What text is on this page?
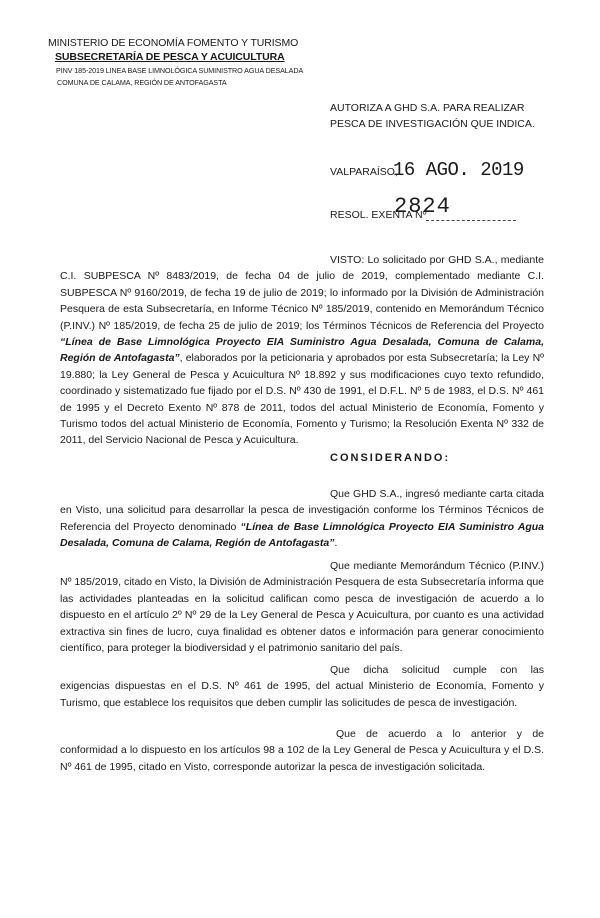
MINISTERIO DE ECONOMÍA FOMENTO Y TURISMO
SUBSECRETARÍA DE PESCA Y ACUICULTURA
PINV 185-2019 LINEA BASE LIMNOLÓGICA SUMINISTRO AGUA DESALADA
COMUNA DE CALAMA, REGIÓN DE ANTOFAGASTA
AUTORIZA A GHD S.A. PARA REALIZAR PESCA DE INVESTIGACIÓN QUE INDICA.
VALPARAÍSO,
16 AGO. 2019
RESOL. EXENTA Nº
2824
VISTO: Lo solicitado por GHD S.A., mediante C.I. SUBPESCA Nº 8483/2019, de fecha 04 de julio de 2019, complementado mediante C.I. SUBPESCA Nº 9160/2019, de fecha 19 de julio de 2019; lo informado por la División de Administración Pesquera de esta Subsecretaría, en Informe Técnico Nº 185/2019, contenido en Memorándum Técnico (P.INV.) Nº 185/2019, de fecha 25 de julio de 2019; los Términos Técnicos de Referencia del Proyecto “Línea de Base Limnológica Proyecto EIA Suministro Agua Desalada, Comuna de Calama, Región de Antofagasta”, elaborados por la peticionaria y aprobados por esta Subsecretaría; la Ley Nº 19.880; la Ley General de Pesca y Acuicultura Nº 18.892 y sus modificaciones cuyo texto refundido, coordinado y sistematizado fue fijado por el D.S. Nº 430 de 1991, el D.F.L. Nº 5 de 1983, el D.S. Nº 461 de 1995 y el Decreto Exento Nº 878 de 2011, todos del actual Ministerio de Economía, Fomento y Turismo todos del actual Ministerio de Economía, Fomento y Turismo; la Resolución Exenta Nº 332 de 2011, del Servicio Nacional de Pesca y Acuicultura.
CONSIDERANDO:
Que GHD S.A., ingresó mediante carta citada en Visto, una solicitud para desarrollar la pesca de investigación conforme los Términos Técnicos de Referencia del Proyecto denominado “Línea de Base Limnológica Proyecto EIA Suministro Agua Desalada, Comuna de Calama, Región de Antofagasta”.
Que mediante Memorándum Técnico (P.INV.) Nº 185/2019, citado en Visto, la División de Administración Pesquera de esta Subsecretaría informa que las actividades planteadas en la solicitud califican como pesca de investigación de acuerdo a lo dispuesto en el artículo 2º Nº 29 de la Ley General de Pesca y Acuicultura, por cuanto es una actividad extractiva sin fines de lucro, cuya finalidad es obtener datos e información para generar conocimiento científico, para proteger la biodiversidad y el patrimonio sanitario del país.
Que dicha solicitud cumple con las exigencias dispuestas en el D.S. Nº 461 de 1995, del actual Ministerio de Economía, Fomento y Turismo, que establece los requisitos que deben cumplir las solicitudes de pesca de investigación.
Que de acuerdo a lo anterior y de conformidad a lo dispuesto en los artículos 98 a 102 de la Ley General de Pesca y Acuicultura y el D.S. Nº 461 de 1995, citado en Visto, corresponde autorizar la pesca de investigación solicitada.
